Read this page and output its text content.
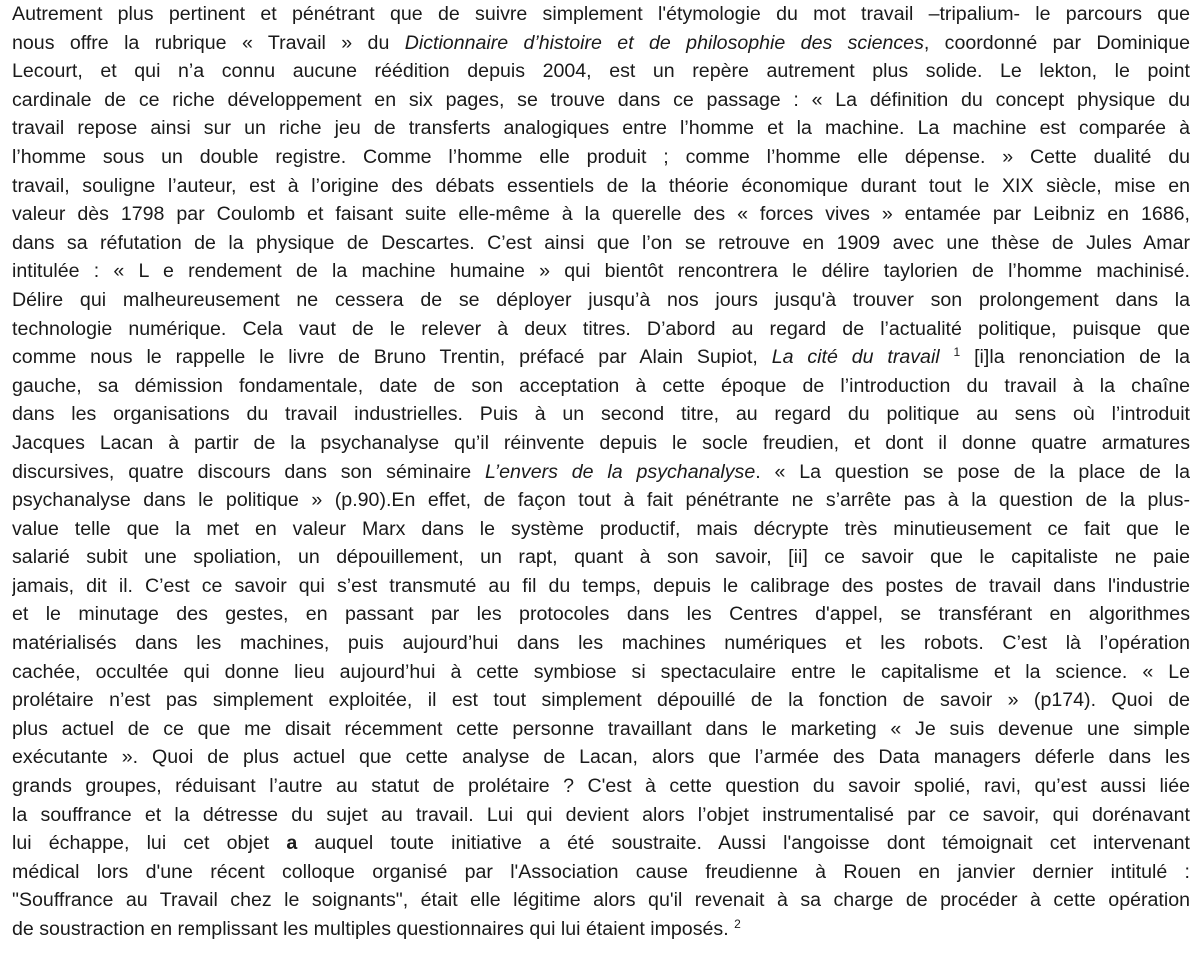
Autrement plus pertinent et pénétrant que de suivre simplement l'étymologie du mot travail –tripalium- le parcours que
nous offre la rubrique « Travail » du Dictionnaire d’histoire et de philosophie des sciences, coordonné par Dominique
Lecourt, et qui n’a connu aucune réédition depuis 2004, est un repère autrement plus solide. Le lekton, le point
cardinale de ce riche développement en six pages, se trouve dans ce passage : « La définition du concept physique du
travail repose ainsi sur un riche jeu de transferts analogiques entre l’homme et la machine. La machine est comparée à
l’homme sous un double registre. Comme l’homme elle produit ; comme l’homme elle dépense. » Cette dualité du
travail, souligne l’auteur, est à l’origine des débats essentiels de la théorie économique durant tout le XIX siècle, mise en
valeur dès 1798 par Coulomb et faisant suite elle-même à la querelle des « forces vives » entamée par Leibniz en 1686,
dans sa réfutation de la physique de Descartes. C’est ainsi que l’on se retrouve en 1909 avec une thèse de Jules Amar
intitulée : « L e rendement de la machine humaine » qui bientôt rencontrera le délire taylorien de l’homme machinisé.
Délire qui malheureusement ne cessera de se déployer jusqu’à nos jours jusqu'à trouver son prolongement dans la
technologie numérique. Cela vaut de le relever à deux titres. D’abord au regard de l’actualité politique, puisque que
comme nous le rappelle le livre de Bruno Trentin, préfacé par Alain Supiot, La cité du travail $^1$ [i]la renonciation de la
gauche, sa démission fondamentale, date de son acceptation à cette époque de l’introduction du travail à la chaîne
dans les organisations du travail industrielles. Puis à un second titre, au regard du politique au sens où l’introduit
Jacques Lacan à partir de la psychanalyse qu’il réinvente depuis le socle freudien, et dont il donne quatre armatures
discursives, quatre discours dans son séminaire L’envers de la psychanalyse. « La question se pose de la place de la
psychanalyse dans le politique » (p.90).En effet, de façon tout à fait pénétrante ne s’arrête pas à la question de la plus-
value telle que la met en valeur Marx dans le système productif, mais décrypte très minutieusement ce fait que le
salarié subit une spoliation, un dépouillement, un rapt, quant à son savoir, [ii] ce savoir que le capitaliste ne paie
jamais, dit il. C’est ce savoir qui s’est transmuté au fil du temps, depuis le calibrage des postes de travail dans l'industrie
et le minutage des gestes, en passant par les protocoles dans les Centres d'appel, se transférant en algorithmes
matérialisés dans les machines, puis aujourd’hui dans les machines numériques et les robots. C’est là l’opération
cachée, occultée qui donne lieu aujourd’hui à cette symbiose si spectaculaire entre le capitalisme et la science. « Le
prolétaire n’est pas simplement exploitée, il est tout simplement dépouillé de la fonction de savoir » (p174). Quoi de
plus actuel de ce que me disait récemment cette personne travaillant dans le marketing « Je suis devenue une simple
exécutante ». Quoi de plus actuel que cette analyse de Lacan, alors que l’armée des Data managers déferle dans les
grands groupes, réduisant l’autre au statut de prolétaire ? C'est à cette question du savoir spolié, ravi, qu’est aussi liée
la souffrance et la détresse du sujet au travail. Lui qui devient alors l’objet instrumentalisé par ce savoir, qui dorénavant
lui échappe, lui cet objet a auquel toute initiative a été soustraite. Aussi l'angoisse dont témoignait cet intervenant
médical lors d'une récent colloque organisé par l'Association cause freudienne à Rouen en janvier dernier intitulé :
"Souffrance au Travail chez le soignants", était elle légitime alors qu'il revenait à sa charge de procéder à cette opération
de soustraction en remplissant les multiples questionnaires qui lui étaient imposés. $^2$
